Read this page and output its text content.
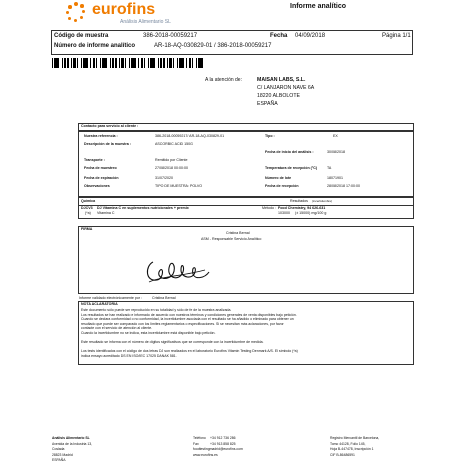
eurofins
Análisis Alimentario SL
Informe analítico
Código de muestra	386-2018-00059217	Fecha 04/09/2018	Página 1/1
Número de informe analítico	AR-18-AQ-030829-01 / 386-2018-00059217
A la atención de:	MAISAN LABS, S.L.
C/ LANJARON NAVE 6A
18220 ALBOLOTE
ESPAÑA
Contacto para servicio al cliente :
Nuestra referencia :	386-2018-00059217/ AR-18-AQ-030829-01	Tipo :	EX
Descripción de la muestra :	ASCORBIC ACID 150G
Fecha de inicio del análisis :	30/08/2018
Transporte :	Remitido por Cliente
Fecha de muestreo	27/08/2018 00:00:00	Temperatura de recepción (°C)	TA
Fecha de expiración	31/07/2020	Número de lote	18071901
Observaciones	TIPO DE MUESTRA: POLVO	Fecha de recepción	28/08/2018 17:00:00
Química	Resultados (incertidumbre)
DJCV3 DJ Vitamina C en suplementos nutricionales + premix	Método : Food Chemistry, 94 626-631
(*a) Vitamina C	103000 (± 15000) mg/100 g
FIRMA
Cristina Bernal
ASM - Responsable Servicio Analítico
Informe validado electrónicamente por :	Cristina Bernal
NOTA ACLARATORIA
Este documento sólo puede ser reproducido en su totalidad y sólo de fe de la muestra analizada.
Los resultados se han realizado e informado de acuerdo con nuestros términos y condiciones generales de venta disponibles bajo petición.
Cuando se declara conformidad o no conformidad, la incertidumbre asociada con el resultado se ha añadido o eliminado para obtener un
resultado que puede ser comparado con los límites reglamentarios o especificaciones. Si se necesitan más aclaraciones, por favor
contacte con el servicio de atención al cliente.
Cuando la incertidumbre no se indica, esta incertidumbre está disponible bajo petición.
Este resultado se informa con el número de dígitos significativos que se corresponde con la incertidumbre de medida.
Los tests identificados con el código de dos letras DJ son realizados en el laboratorio Eurofins Vitamin Testing Denmark A/S. El símbolo (*a)
indica ensayo acreditado DS EN ISO/IEC 17025 DANAK 581.
Análisis Alimentario SL
Avenida de la Industria 13,
Coslada
28823 Madrid
ESPAÑA
Teléfono
Fax
www.eurofins.es
+34 912 736 286
+34 913 858 825
foodtestingmadrid@eurofins.com
Registro Mercantil de Barcelona,
Tomo 44128, Folio 145,
Hoja B-447478, Inscripción 1
CIF B-86486591
